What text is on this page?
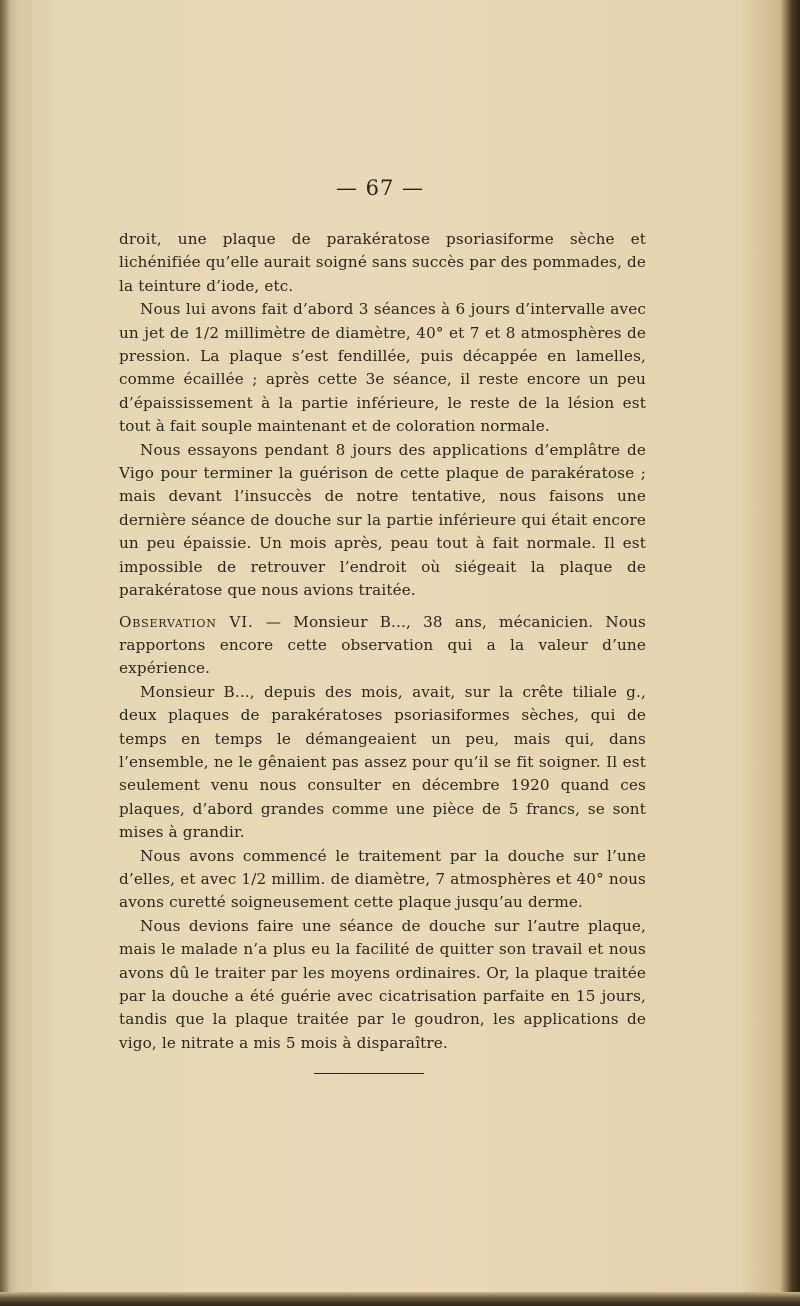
— 67 —

droit, une plaque de parakératose psoriasiforme sèche et lichénifiée qu’elle aurait soigné sans succès par des pommades, de la teinture d’iode, etc.

Nous lui avons fait d’abord 3 séances à 6 jours d’intervalle avec un jet de 1/2 millimètre de diamètre, 40° et 7 et 8 atmosphères de pression. La plaque s’est fendillée, puis décappée en lamelles, comme écaillée ; après cette 3e séance, il reste encore un peu d’épaississement à la partie inférieure, le reste de la lésion est tout à fait souple maintenant et de coloration normale.

Nous essayons pendant 8 jours des applications d’emplâtre de Vigo pour terminer la guérison de cette plaque de parakératose ; mais devant l’insuccès de notre tentative, nous faisons une dernière séance de douche sur la partie inférieure qui était encore un peu épaissie. Un mois après, peau tout à fait normale. Il est impossible de retrouver l’endroit où siégeait la plaque de parakératose que nous avions traitée.

Observation VI. — Monsieur B..., 38 ans, mécanicien. Nous rapportons encore cette observation qui a la valeur d’une expérience.

Monsieur B..., depuis des mois, avait, sur la crête tiliale g., deux plaques de parakératoses psoriasiformes sèches, qui de temps en temps le démangeaient un peu, mais qui, dans l’ensemble, ne le gênaient pas assez pour qu’il se fit soigner. Il est seulement venu nous consulter en décembre 1920 quand ces plaques, d’abord grandes comme une pièce de 5 francs, se sont mises à grandir.

Nous avons commencé le traitement par la douche sur l’une d’elles, et avec 1/2 millim. de diamètre, 7 atmosphères et 40° nous avons curetté soigneusement cette plaque jusqu’au derme.

Nous devions faire une séance de douche sur l’autre plaque, mais le malade n’a plus eu la facilité de quitter son travail et nous avons dû le traiter par les moyens ordinaires. Or, la plaque traitée par la douche a été guérie avec cicatrisation parfaite en 15 jours, tandis que la plaque traitée par le goudron, les applications de vigo, le nitrate a mis 5 mois à disparaître.
